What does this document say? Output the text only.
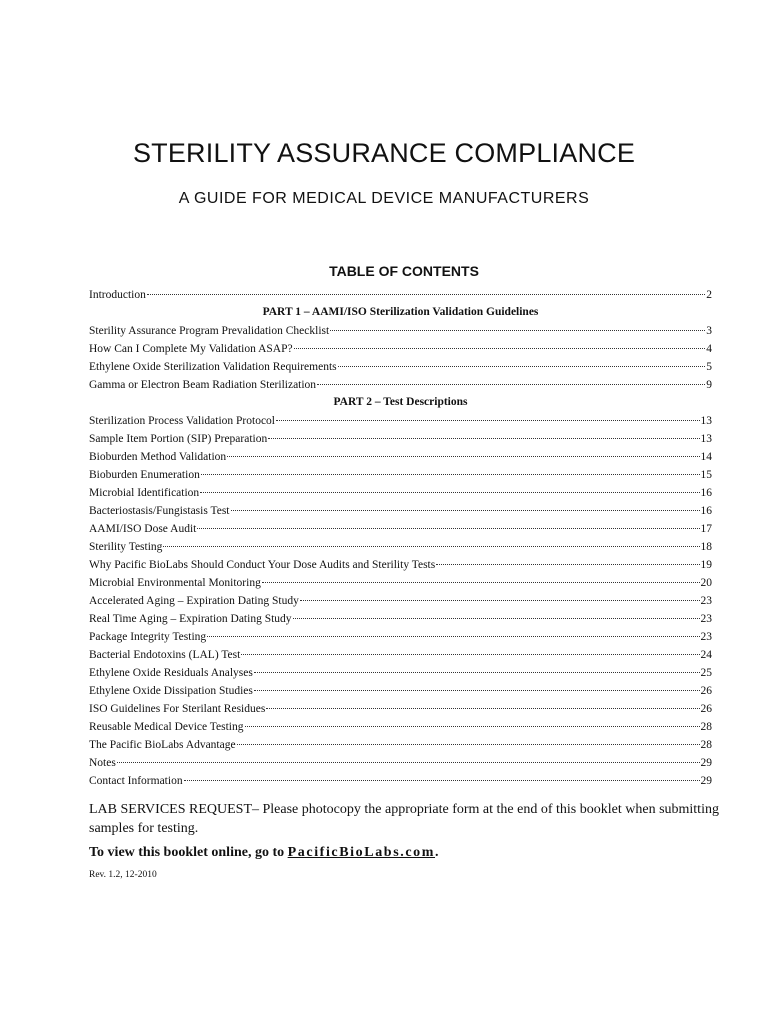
STERILITY ASSURANCE COMPLIANCE
A GUIDE FOR MEDICAL DEVICE MANUFACTURERS
TABLE OF CONTENTS
Introduction	2
PART 1 – AAMI/ISO Sterilization Validation Guidelines
Sterility Assurance Program Prevalidation Checklist	3
How Can I Complete My Validation ASAP?	4
Ethylene Oxide Sterilization Validation Requirements	5
Gamma or Electron Beam Radiation Sterilization	9
PART 2 – Test Descriptions
Sterilization Process Validation Protocol	13
Sample Item Portion (SIP) Preparation	13
Bioburden Method Validation	14
Bioburden Enumeration	15
Microbial Identification	16
Bacteriostasis/Fungistasis Test	16
AAMI/ISO Dose Audit	17
Sterility Testing	18
Why Pacific BioLabs Should Conduct Your Dose Audits and Sterility Tests	19
Microbial Environmental Monitoring	20
Accelerated Aging – Expiration Dating Study	23
Real Time Aging – Expiration Dating Study	23
Package Integrity Testing	23
Bacterial Endotoxins (LAL) Test	24
Ethylene Oxide Residuals Analyses	25
Ethylene Oxide Dissipation Studies	26
ISO Guidelines For Sterilant Residues	26
Reusable Medical Device Testing	28
The Pacific BioLabs Advantage	28
Notes	29
Contact Information	29
LAB SERVICES REQUEST– Please photocopy the appropriate form at the end of this booklet when submitting samples for testing.
To view this booklet online, go to PacificBioLabs.com.
Rev. 1.2, 12-2010
